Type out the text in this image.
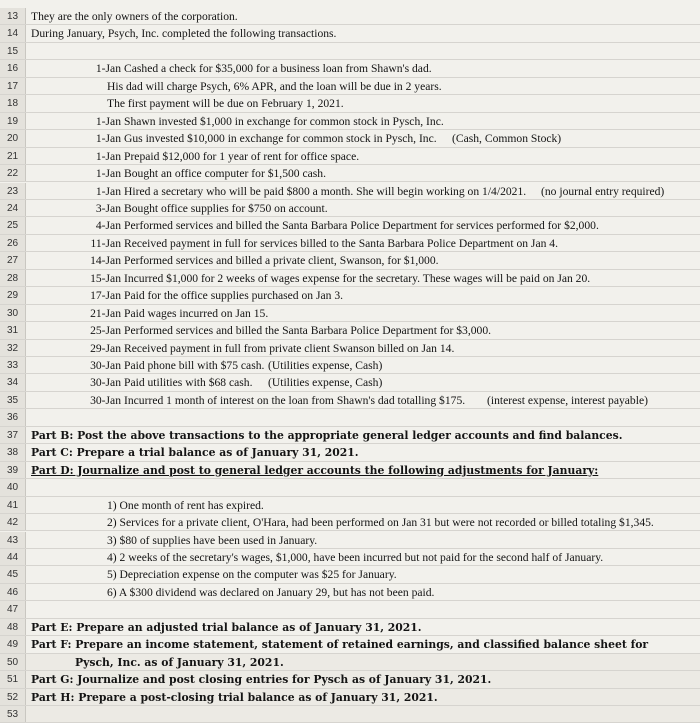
13	They are the only owners of the corporation.
14	During January, Psych, Inc. completed the following transactions.
15
16	1-Jan Cashed a check for $35,000 for a business loan from Shawn's dad.
17	His dad will charge Psych, 6% APR, and the loan will be due in 2 years.
18	The first payment will be due on February 1, 2021.
19	1-Jan Shawn invested $1,000 in exchange for common stock in Pysch, Inc.
20	1-Jan Gus invested $10,000 in exchange for common stock in Pysch, Inc. (Cash, Common Stock)
21	1-Jan Prepaid $12,000 for 1 year of rent for office space.
22	1-Jan Bought an office computer for $1,500 cash.
23	1-Jan Hired a secretary who will be paid $800 a month. She will begin working on 1/4/2021. (no journal entry required)
24	3-Jan Bought office supplies for $750 on account.
25	4-Jan Performed services and billed the Santa Barbara Police Department for services performed for $2,000.
26	11-Jan Received payment in full for services billed to the Santa Barbara Police Department on Jan 4.
27	14-Jan Performed services and billed a private client, Swanson, for $1,000.
28	15-Jan Incurred $1,000 for 2 weeks of wages expense for the secretary. These wages will be paid on Jan 20.
29	17-Jan Paid for the office supplies purchased on Jan 3.
30	21-Jan Paid wages incurred on Jan 15.
31	25-Jan Performed services and billed the Santa Barbara Police Department for $3,000.
32	29-Jan Received payment in full from private client Swanson billed on Jan 14.
33	30-Jan Paid phone bill with $75 cash. (Utilities expense, Cash)
34	30-Jan Paid utilities with $68 cash. (Utilities expense, Cash)
35	30-Jan Incurred 1 month of interest on the loan from Shawn's dad totalling $175. (interest expense, interest payable)
36
37	Part B: Post the above transactions to the appropriate general ledger accounts and find balances.
38	Part C: Prepare a trial balance as of January 31, 2021.
39	Part D: Journalize and post to general ledger accounts the following adjustments for January:
40
41	1) One month of rent has expired.
42	2) Services for a private client, O'Hara, had been performed on Jan 31 but were not recorded or billed totaling $1,345.
43	3) $80 of supplies have been used in January.
44	4) 2 weeks of the secretary's wages, $1,000, have been incurred but not paid for the second half of January.
45	5) Depreciation expense on the computer was $25 for January.
46	6) A $300 dividend was declared on January 29, but has not been paid.
47
48	Part E: Prepare an adjusted trial balance as of January 31, 2021.
49	Part F: Prepare an income statement, statement of retained earnings, and classified balance sheet for
50	Pysch, Inc. as of January 31, 2021.
51	Part G: Journalize and post closing entries for Pysch as of January 31, 2021.
52	Part H: Prepare a post-closing trial balance as of January 31, 2021.
53
